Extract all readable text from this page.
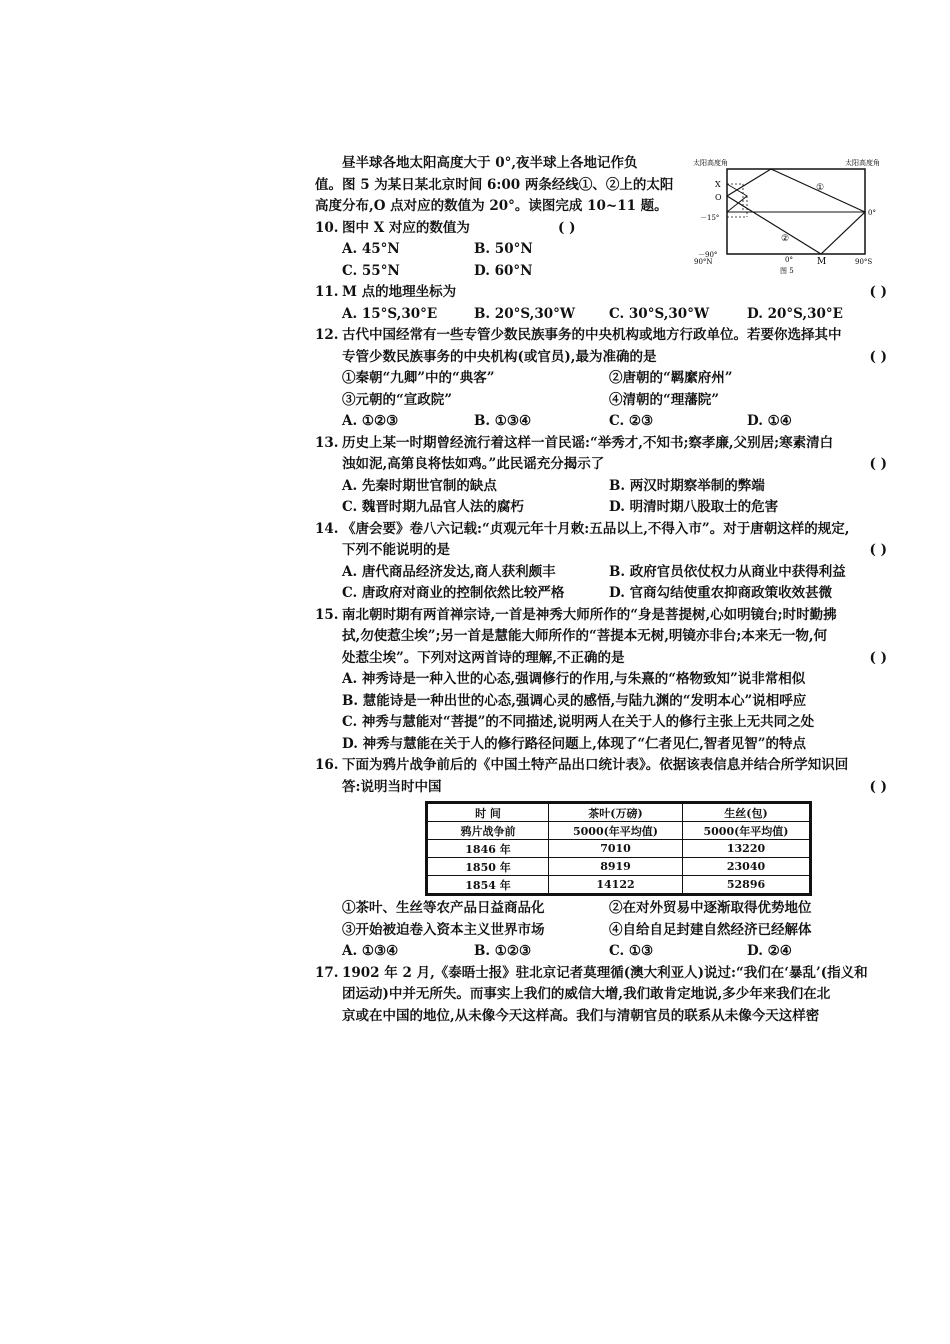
昼半球各地太阳高度大于 0°,夜半球上各地记作负
值。图 5 为某日某北京时间 6:00 两条经线①、②上的太阳
高度分布,O 点对应的数值为 20°。读图完成 10~11 题。
10. 图中 X 对应的数值为	( )
A. 45°N	B. 50°N
C. 55°N	D. 60°N
11. M 点的地理坐标为	( )
A. 15°S,30°E	B. 20°S,30°W	C. 30°S,30°W	D. 20°S,30°E
12. 古代中国经常有一些专管少数民族事务的中央机构或地方行政单位。若要你选择其中
专管少数民族事务的中央机构(或官员),最为准确的是	( )
①秦朝“九卿”中的“典客”	②唐朝的“羁縻府州”
③元朝的“宣政院”	④清朝的“理藩院”
A. ①②③	B. ①③④	C. ②③	D. ①④
13. 历史上某一时期曾经流行着这样一首民谣:“举秀才,不知书;察孝廉,父别居;寒素清白
浊如泥,高第良将怯如鸡。”此民谣充分揭示了	( )
A. 先秦时期世官制的缺点	B. 两汉时期察举制的弊端
C. 魏晋时期九品官人法的腐朽	D. 明清时期八股取士的危害
14. 《唐会要》卷八六记载:“贞观元年十月敕:五品以上,不得入市”。对于唐朝这样的规定,
下列不能说明的是	( )
A. 唐代商品经济发达,商人获利颇丰	B. 政府官员依仗权力从商业中获得利益
C. 唐政府对商业的控制依然比较严格	D. 官商勾结使重农抑商政策收效甚微
15. 南北朝时期有两首禅宗诗,一首是神秀大师所作的“身是菩提树,心如明镜台;时时勤拂
拭,勿使惹尘埃”;另一首是慧能大师所作的“菩提本无树,明镜亦非台;本来无一物,何
处惹尘埃”。下列对这两首诗的理解,不正确的是	( )
A. 神秀诗是一种入世的心态,强调修行的作用,与朱熹的“格物致知”说非常相似
B. 慧能诗是一种出世的心态,强调心灵的感悟,与陆九渊的“发明本心”说相呼应
C. 神秀与慧能对“菩提”的不同描述,说明两人在关于人的修行主张上无共同之处
D. 神秀与慧能在关于人的修行路径问题上,体现了“仁者见仁,智者见智”的特点
16. 下面为鸦片战争前后的《中国土特产品出口统计表》。依据该表信息并结合所学知识回
答:说明当时中国	( )
①茶叶、生丝等农产品日益商品化	②在对外贸易中逐渐取得优势地位
③开始被迫卷入资本主义世界市场	④自给自足封建自然经济已经解体
A. ①③④	B. ①②③	C. ①③	D. ②④
17. 1902 年 2 月,《泰晤士报》驻北京记者莫理循(澳大利亚人)说过:“我们在‘暴乱’(指义和
团运动)中并无所失。而事实上我们的威信大增,我们敢肯定地说,多少年来我们在北
京或在中国的地位,从未像今天这样高。我们与清朝官员的联系从未像今天这样密
太阳高度角	太阳高度角
①
②
X
O
－15°
－90°
0°
90°N	0°	M	90°S
图 5
时 间	茶叶(万磅)	生丝(包)
鸦片战争前	5000(年平均值)	5000(年平均值)
1846 年	7010	13220
1850 年	8919	23040
1854 年	14122	52896
